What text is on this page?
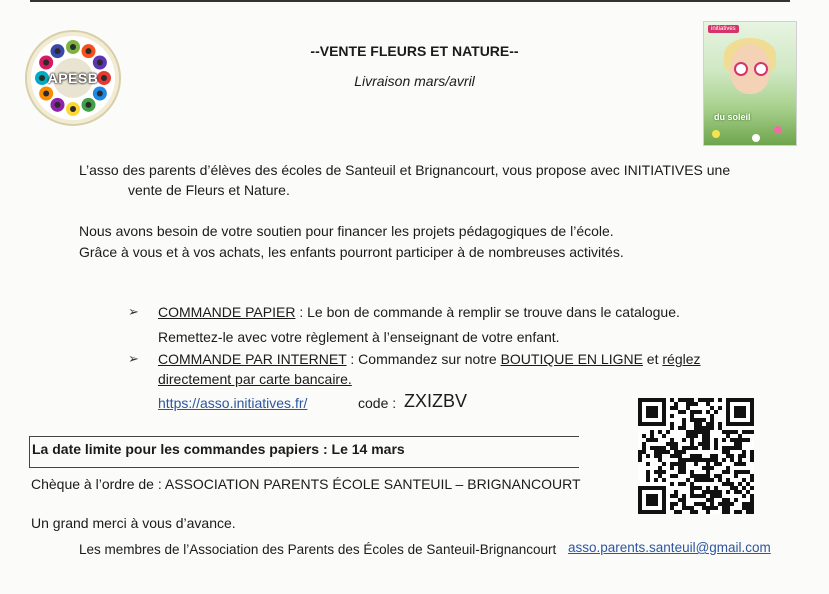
APESB
--VENTE FLEURS ET NATURE--
Livraison mars/avril
initiatives
du soleil
L’asso des parents d’élèves des écoles de Santeuil et Brignancourt, vous propose avec INITIATIVES une
vente de Fleurs et Nature.
Nous avons besoin de votre soutien pour financer les projets pédagogiques de l’école.
Grâce à vous et à vos achats, les enfants pourront participer à de nombreuses activités.
➢ COMMANDE PAPIER : Le bon de commande à remplir se trouve dans le catalogue.
Remettez-le avec votre règlement à l’enseignant de votre enfant.
➢ COMMANDE PAR INTERNET : Commandez sur notre BOUTIQUE EN LIGNE et réglez
directement par carte bancaire.
https://asso.initiatives.fr/	code : ZXIZBV
La date limite pour les commandes papiers : Le 14 mars
Chèque à l’ordre de : ASSOCIATION PARENTS ÉCOLE SANTEUIL – BRIGNANCOURT
Un grand merci à vous d’avance.
Les membres de l’Association des Parents des Écoles de Santeuil-Brignancourt asso.parents.santeuil@gmail.com
